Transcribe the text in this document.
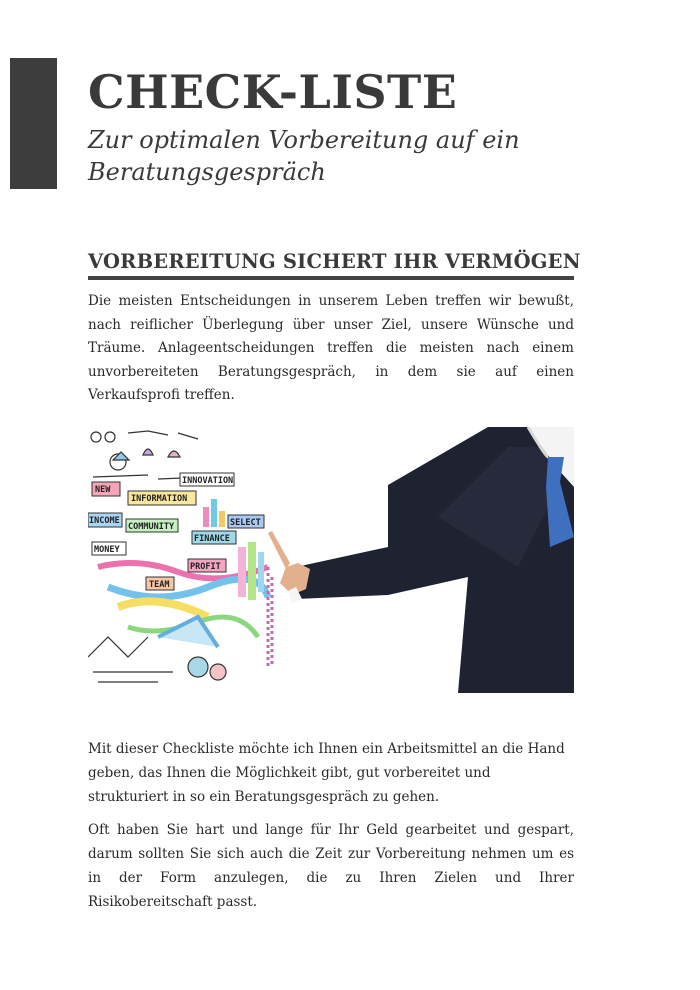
CHECK-LISTE

Zur optimalen Vorbereitung auf ein Beratungsgespräch

VORBEREITUNG SICHERT IHR VERMÖGEN

Die meisten Entscheidungen in unserem Leben treffen wir bewußt, nach reiflicher Überlegung über unser Ziel, unsere Wünsche und Träume. Anlageentscheidungen treffen die meisten nach einem unvorbereiteten Beratungsgespräch, in dem sie auf einen Verkaufsprofi treffen.

NEW
INFORMATION
INNOVATION
INCOME
COMMUNITY	SELECT
FINANCE
MONEY
TEAM
PROFIT

Mit dieser Checkliste möchte ich Ihnen ein Arbeitsmittel an die Hand geben, das Ihnen die Möglichkeit gibt, gut vorbereitet und strukturiert in so ein Beratungsgespräch zu gehen.

Oft haben Sie hart und lange für Ihr Geld gearbeitet und gespart, darum sollten Sie sich auch die Zeit zur Vorbereitung nehmen um es in der Form anzulegen, die zu Ihren Zielen und Ihrer Risikobereitschaft passt.
